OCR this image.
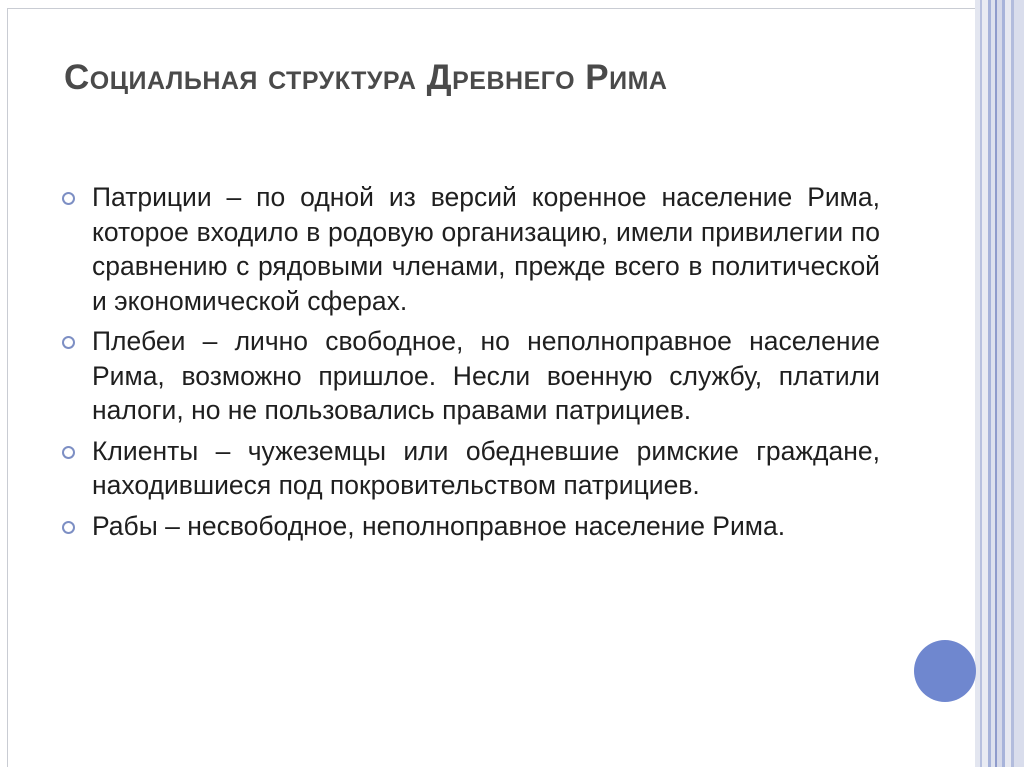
Социальная структура Древнего Рима
Патриции – по одной из версий коренное население Рима, которое входило в родовую организацию, имели привилегии по сравнению с рядовыми членами, прежде всего в политической и экономической сферах.
Плебеи – лично свободное, но неполноправное население Рима, возможно пришлое. Несли военную службу, платили налоги, но не пользовались правами патрициев.
Клиенты – чужеземцы или обедневшие римские граждане, находившиеся под покровительством патрициев.
Рабы – несвободное, неполноправное население Рима.
